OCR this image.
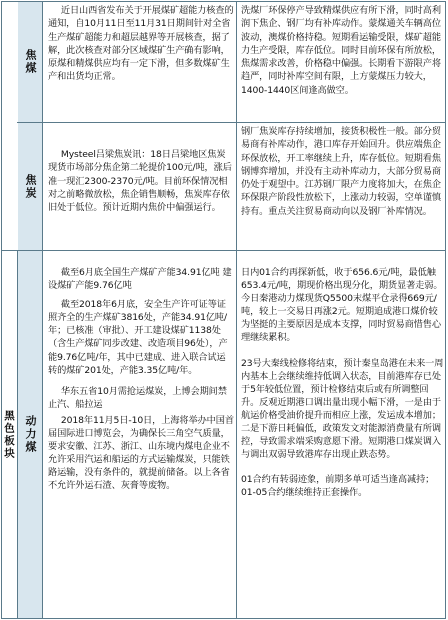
黑色板块
焦煤

近日山西省发布关于开展煤矿超能力核查的通知，自10月11日至11月31日期间针对全省生产煤矿超能力和超层越界等开展核查，据了解，此次核查对部分区域煤矿生产确有影响，原煤和精煤供应均有一定下滑，但多数煤矿生产和出货均正常。

洗煤厂环保停产导致精煤供应有所下滑，同时高利润下焦企、钢厂均有补库动作。蒙煤通关车辆高位波动，澳煤价格持稳。短期看运输受限，煤矿超能力生产受限，库存低位。同时目前环保有所放松，焦煤需求改善，价格稳中偏强。长期看下游限产将趋严，同时补库空间有限，上方蒙煤压力较大，1400-1440区间逢高做空。

焦炭

Mysteel吕梁焦炭讯：18日吕梁地区焦炭现货市场部分焦企第二轮提价100元/吨，涨后准一现汇2300-2370元/吨。目前环保情况相对之前略微放松，焦企销售顺畅，焦炭库存依旧处于低位。预计近期内焦价中偏强运行。

钢厂焦炭库存持续增加，接货积极性一般。部分贸易商有补库动作，港口库存开始回升。供应端焦企环保放松，开工率继续上升，库存低位。短期看焦钢博弈增加，并没有主动补库动力，大部分贸易商仍处于观望中。江苏钢厂限产力度将加大，在焦企环保限产阶段性放松下，上涨动力较弱，空单谨慎持有。重点关注贸易商动向以及钢厂补库情况。

动力煤

截至6月底全国生产煤矿产能34.91亿吨 建设煤矿产能9.76亿吨

截至2018年6月底，安全生产许可证等证照齐全的生产煤矿3816处，产能34.91亿吨/年；已核准（审批）、开工建设煤矿1138处（含生产煤矿同步改建、改造项目96处），产能9.76亿吨/年，其中已建成、进入联合试运转的煤矿201处，产能3.35亿吨/年。

华东五省10月需抢运煤炭，上博会期间禁止汽、船拉运

2018年11月5日-10日，上海将举办中国首届国际进口博览会，为确保长三角空气质量，要求安徽、江苏、浙江、山东境内煤电企业不允许采用汽运和船运的方式运输煤炭，只能铁路运输，没有条件的，就提前储备。以上各省不允许外运石渣、灰膏等废物。

日内01合约再探新低，收于656.6元/吨，最低触653.4元/吨，期现价格出现分化，期货显著走弱。今日秦港动力煤现货Q5500末煤平仓录得669元/吨，较上一交易日再涨2元。短期追成港口煤价较为坚挺的主要原因是成本支撑，同时贸易商惜售心理继续累积。

23号大秦线检修将结束，预计秦皇岛港在未来一周内基本上会继续维持低调入状态，目前港库存已处于5年较低位置，预计检修结束后或有所调整回升。反观近期港口调出量出现小幅下滑，一是由于航运价格受油价提升而相应上涨，发运成本增加；二是下游日耗偏低，政策发文对能源消费量有所调控，导致需求端采购意愿下滑。短期港口煤炭调入与调出双弱导致港库存出现止跌态势。

01合约有转弱迹象，前期多单可适当逢高减持；01-05合约继续维持正套操作。
